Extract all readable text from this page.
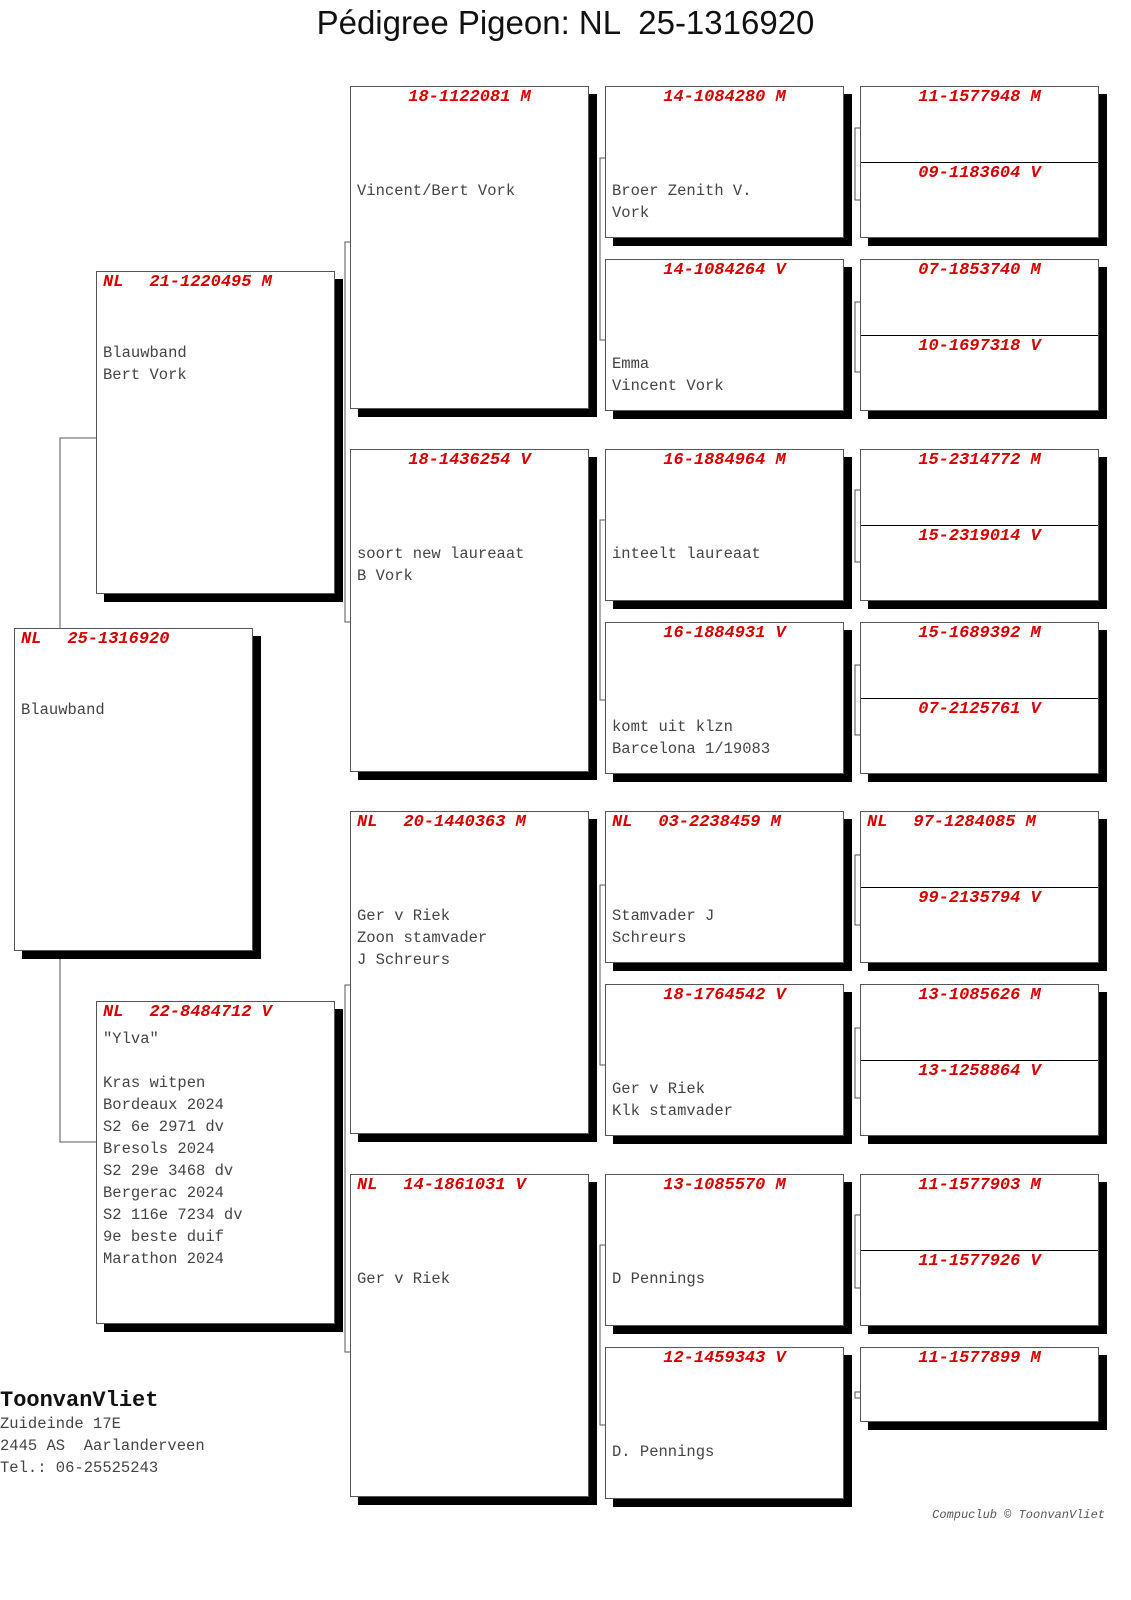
Pédigree Pigeon: NL  25-1316920
NL 25-1316920
Blauwband
NL 21-1220495 M
Blauwband
Bert Vork
NL 22-8484712 V
"Ylva"

Kras witpen
Bordeaux 2024
S2 6e 2971 dv
Bresols 2024
S2 29e 3468 dv
Bergerac 2024
S2 116e 7234 dv
9e beste duif
Marathon 2024
18-1122081 M
Vincent/Bert Vork
18-1436254 V
soort new laureaat
B Vork
NL 20-1440363 M
Ger v Riek
Zoon stamvader
J Schreurs
NL 14-1861031 V
Ger v Riek
14-1084280 M
Broer Zenith V.
Vork
14-1084264 V
Emma
Vincent Vork
16-1884964 M
inteelt laureaat
16-1884931 V
komt uit klzn
Barcelona 1/19083
NL 03-2238459 M
Stamvader J
Schreurs
18-1764542 V
Ger v Riek
Klk stamvader
13-1085570 M
D Pennings
12-1459343 V
D. Pennings
11-1577948 M
09-1183604 V
07-1853740 M
10-1697318 V
15-2314772 M
15-2319014 V
15-1689392 M
07-2125761 V
NL 97-1284085 M
99-2135794 V
13-1085626 M
13-1258864 V
11-1577903 M
11-1577926 V
11-1577899 M
ToonvanVliet
Zuideinde 17E
2445 AS  Aarlanderveen
Tel.: 06-25525243
Compuclub © ToonvanVliet
